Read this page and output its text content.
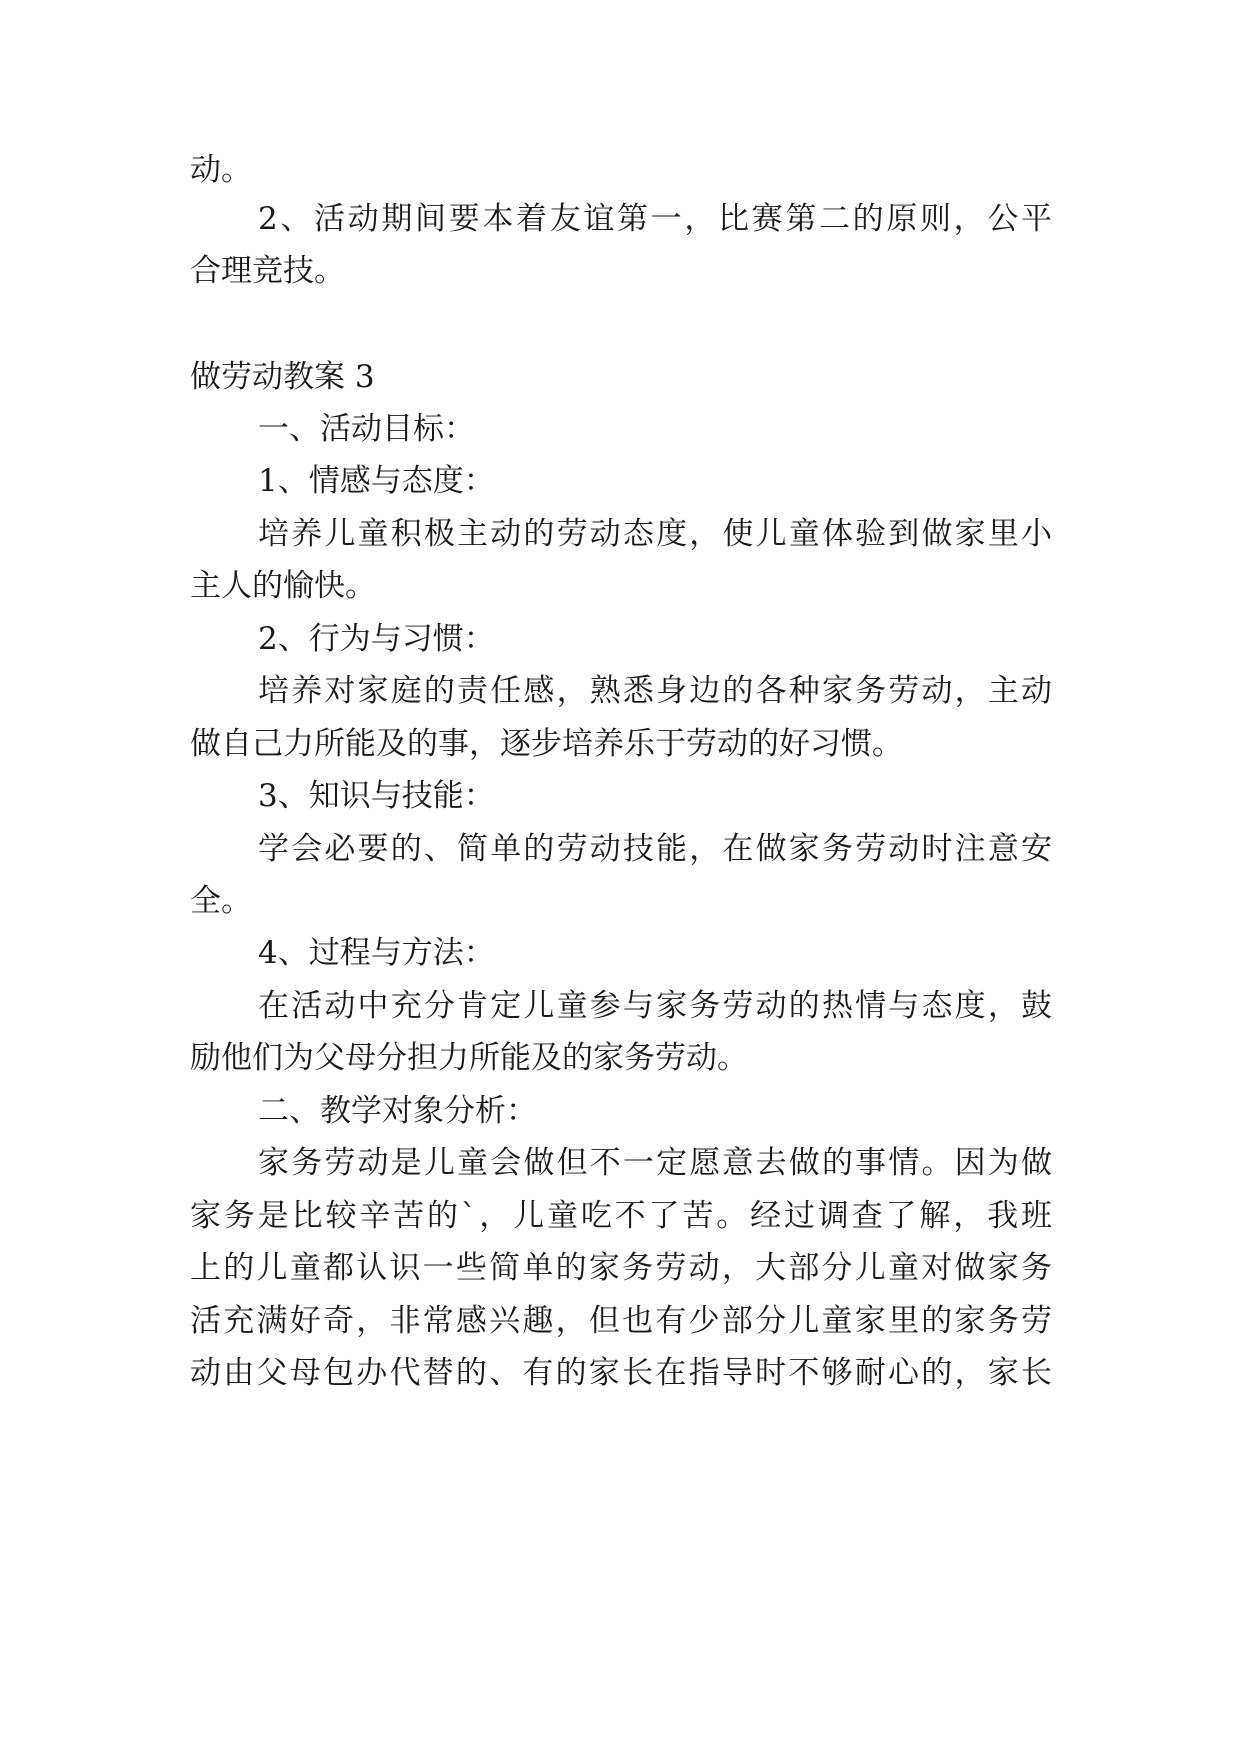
动。
2、活动期间要本着友谊第一，比赛第二的原则，公平
合理竞技。
做劳动教案 3
一、活动目标：
1、情感与态度：
培养儿童积极主动的劳动态度，使儿童体验到做家里小
主人的愉快。
2、行为与习惯：
培养对家庭的责任感，熟悉身边的各种家务劳动，主动
做自己力所能及的事，逐步培养乐于劳动的好习惯。
3、知识与技能：
学会必要的、简单的劳动技能，在做家务劳动时注意安
全。
4、过程与方法：
在活动中充分肯定儿童参与家务劳动的热情与态度，鼓
励他们为父母分担力所能及的家务劳动。
二、教学对象分析：
家务劳动是儿童会做但不一定愿意去做的事情。因为做
家务是比较辛苦的`，儿童吃不了苦。经过调查了解，我班
上的儿童都认识一些简单的家务劳动，大部分儿童对做家务
活充满好奇，非常感兴趣，但也有少部分儿童家里的家务劳
动由父母包办代替的、有的家长在指导时不够耐心的，家长
